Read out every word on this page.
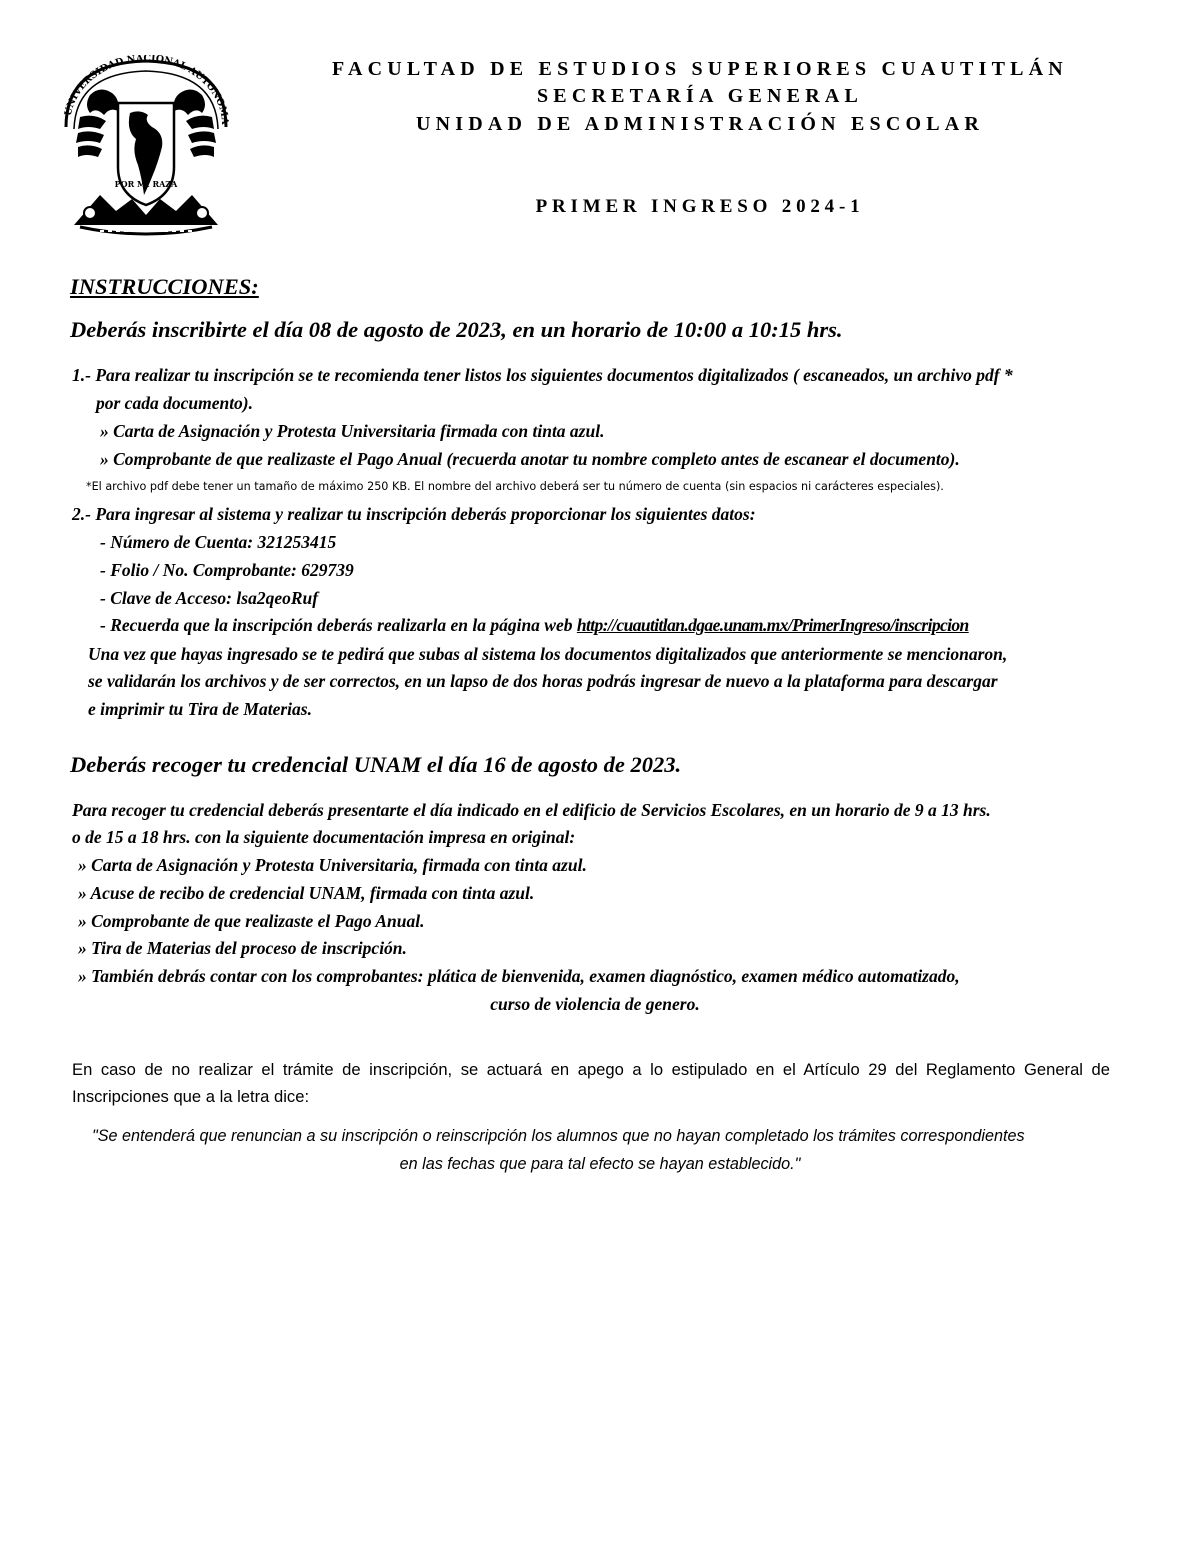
UNIVERSIDAD NACIONAL AUTONOMA
POR MI RAZA
FACULTAD DE ESTUDIOS SUPERIORES CUAUTITLÁN
SECRETARÍA GENERAL
UNIDAD DE ADMINISTRACIÓN ESCOLAR
PRIMER INGRESO 2024-1
INSTRUCCIONES:
Deberás inscribirte el día 08 de agosto de 2023, en un horario de 10:00 a 10:15 hrs.
1.- Para realizar tu inscripción se te recomienda tener listos los siguientes documentos digitalizados ( escaneados, un archivo pdf *
por cada documento).
» Carta de Asignación y Protesta Universitaria firmada con tinta azul.
» Comprobante de que realizaste el Pago Anual (recuerda anotar tu nombre completo antes de escanear el documento).
*El archivo pdf debe tener un tamaño de máximo 250 KB. El nombre del archivo deberá ser tu número de cuenta (sin espacios ni carácteres especiales).
2.- Para ingresar al sistema y realizar tu inscripción deberás proporcionar los siguientes datos:
- Número de Cuenta: 321253415
- Folio / No. Comprobante: 629739
- Clave de Acceso: lsa2qeoRuf
- Recuerda que la inscripción deberás realizarla en la página web http://cuautitlan.dgae.unam.mx/PrimerIngreso/inscripcion
Una vez que hayas ingresado se te pedirá que subas al sistema los documentos digitalizados que anteriormente se mencionaron,
se validarán los archivos y de ser correctos, en un lapso de dos horas podrás ingresar de nuevo a la plataforma para descargar
e imprimir tu Tira de Materias.
Deberás recoger tu credencial UNAM el día 16 de agosto de 2023.
Para recoger tu credencial deberás presentarte el día indicado en el edificio de Servicios Escolares, en un horario de 9 a 13 hrs.
o de 15 a 18 hrs. con la siguiente documentación impresa en original:
» Carta de Asignación y Protesta Universitaria, firmada con tinta azul.
» Acuse de recibo de credencial UNAM, firmada con tinta azul.
» Comprobante de que realizaste el Pago Anual.
» Tira de Materias del proceso de inscripción.
» También debrás contar con los comprobantes: plática de bienvenida, examen diagnóstico, examen médico automatizado,
curso de violencia de genero.
En caso de no realizar el trámite de inscripción, se actuará en apego a lo estipulado en el Artículo 29 del Reglamento General de
Inscripciones que a la letra dice:
"Se entenderá que renuncian a su inscripción o reinscripción los alumnos que no hayan completado los trámites correspondientes
en las fechas que para tal efecto se hayan establecido."
